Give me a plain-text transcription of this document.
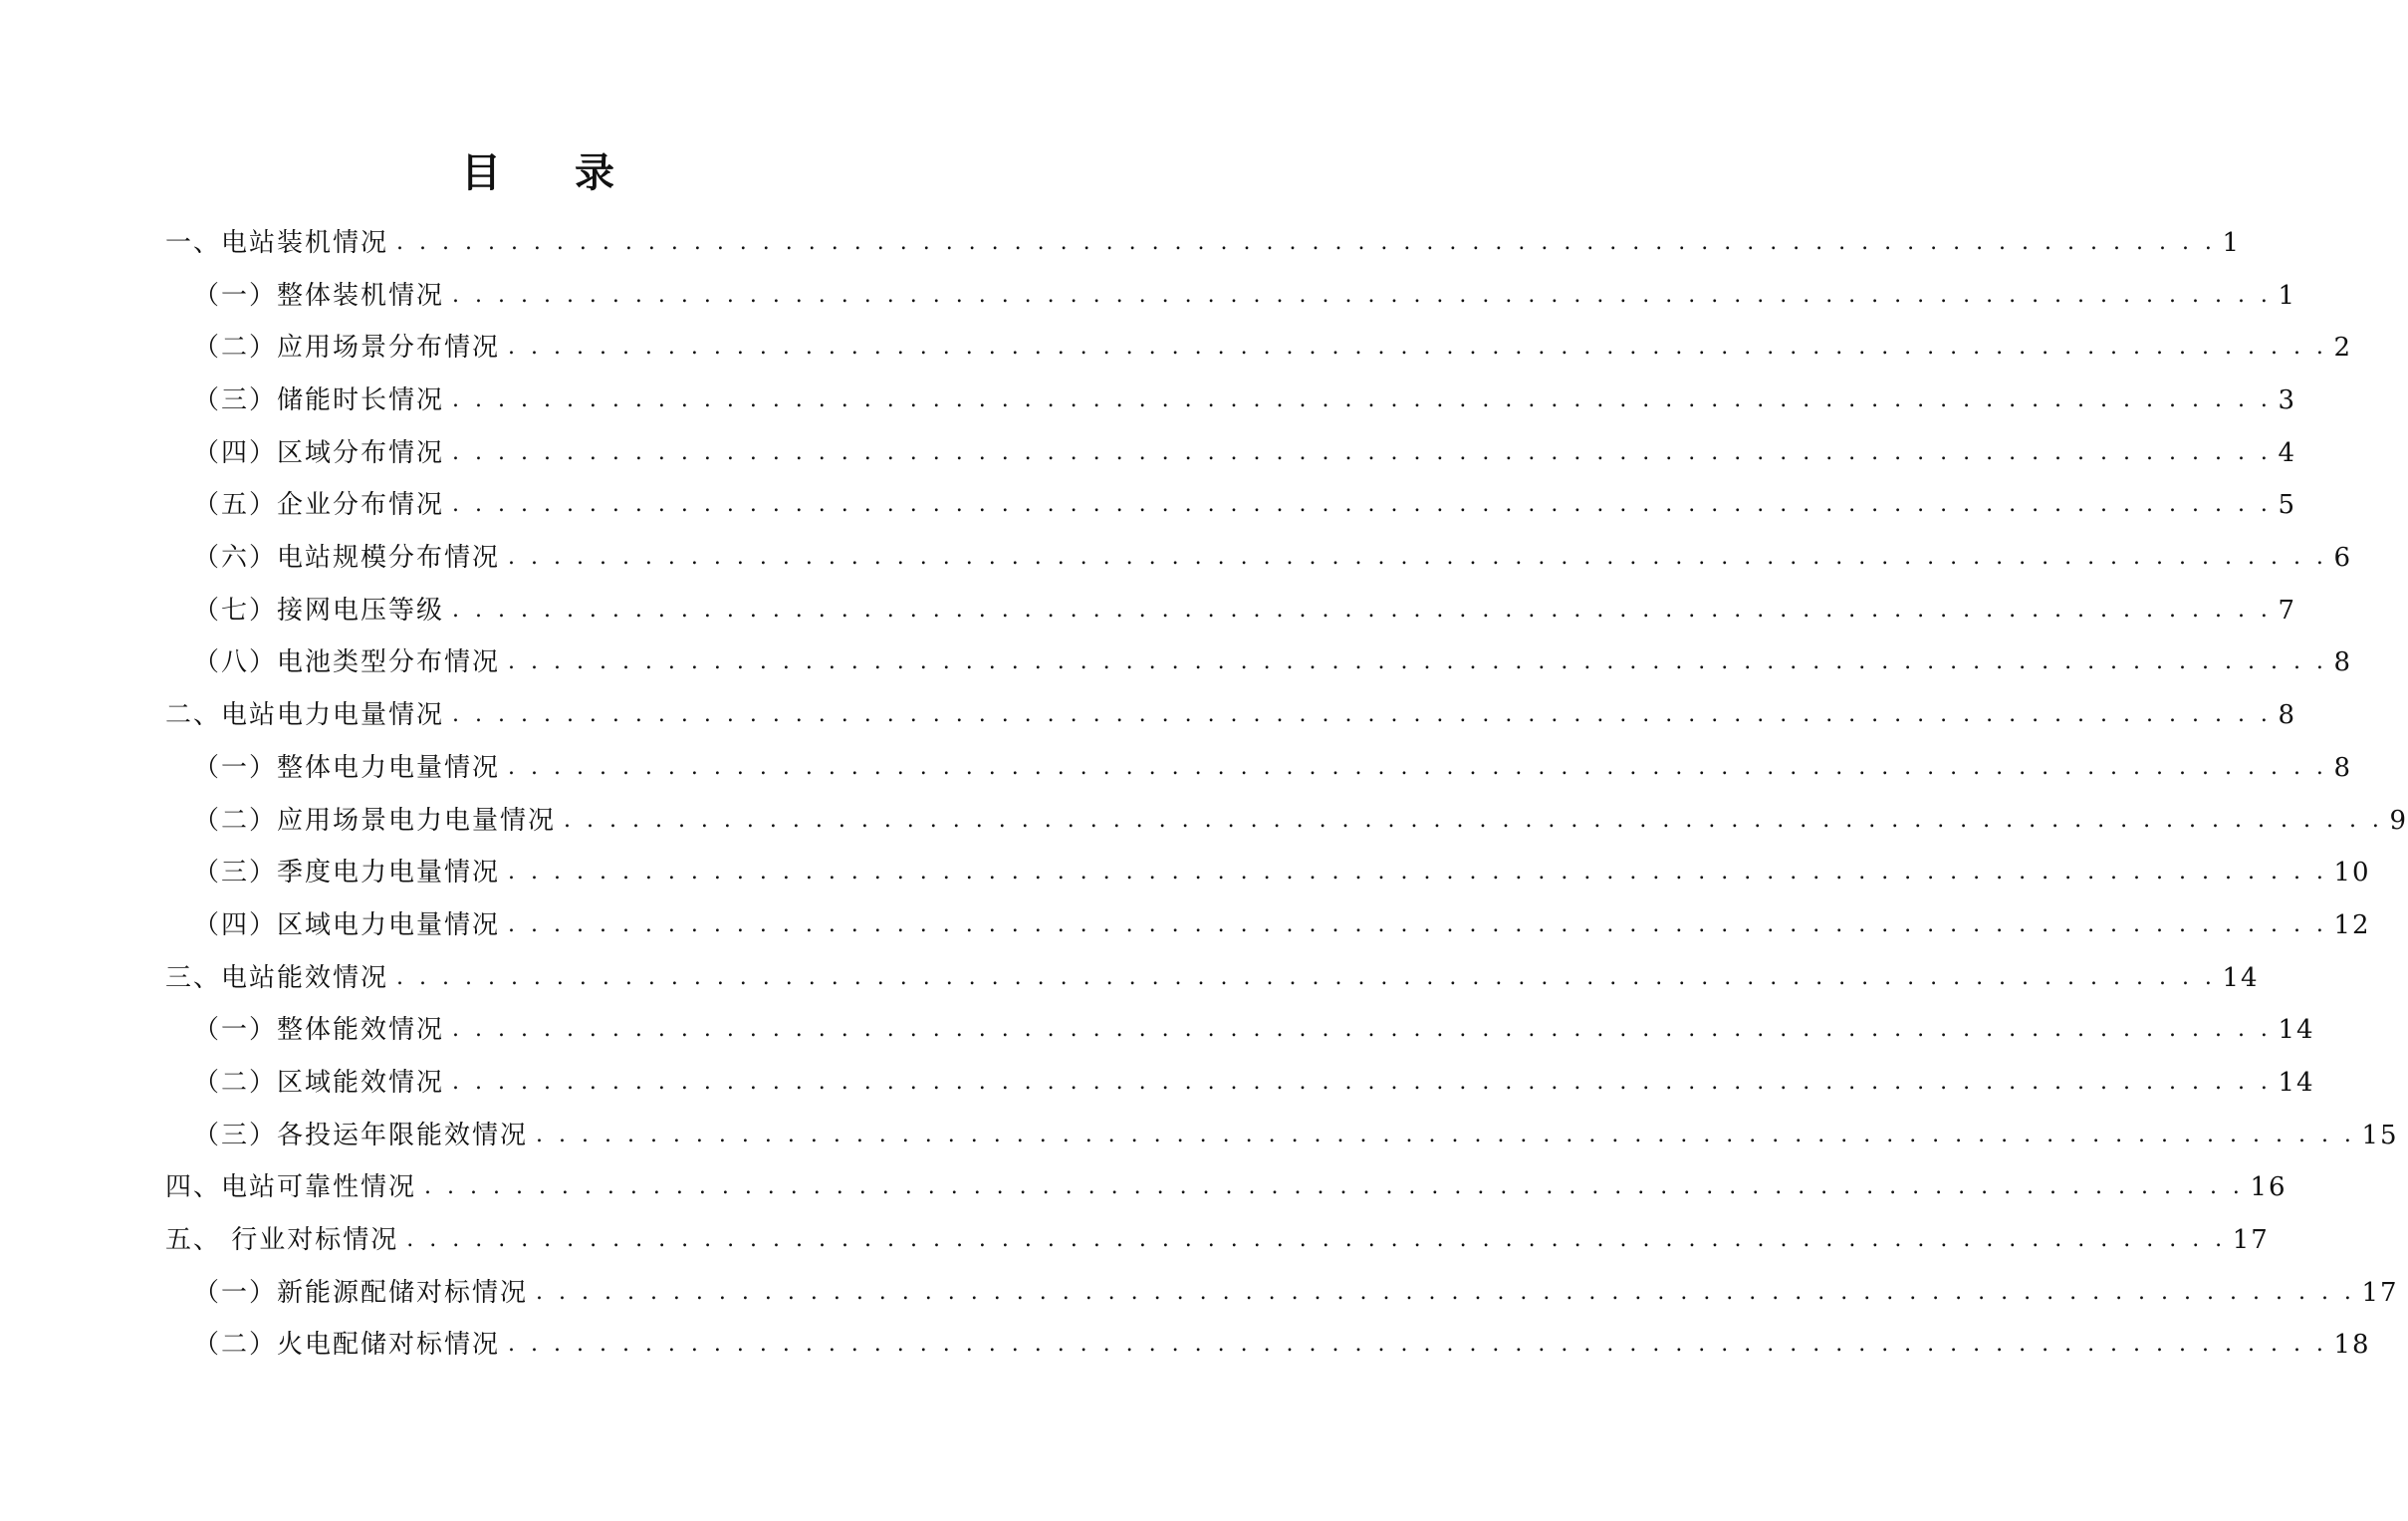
目 录
一、电站装机情况 . . . . . . . . . . . . . . . . . . . . . . . . . . . . . . . . . . . . . . . . . . . . . . . . . . . . . . . . . . . . . . . . . . . . . . . . . . . . . . . . 1
（一）整体装机情况 . . . . . . . . . . . . . . . . . . . . . . . . . . . . . . . . . . . . . . . . . . . . . . . . . . . . . . . . . . . . . . . . . . . . . . . . . . . . . . . . 1
（二）应用场景分布情况 . . . . . . . . . . . . . . . . . . . . . . . . . . . . . . . . . . . . . . . . . . . . . . . . . . . . . . . . . . . . . . . . . . . . . . . . . . . . . . . . 2
（三）储能时长情况 . . . . . . . . . . . . . . . . . . . . . . . . . . . . . . . . . . . . . . . . . . . . . . . . . . . . . . . . . . . . . . . . . . . . . . . . . . . . . . . . 3
（四）区域分布情况 . . . . . . . . . . . . . . . . . . . . . . . . . . . . . . . . . . . . . . . . . . . . . . . . . . . . . . . . . . . . . . . . . . . . . . . . . . . . . . . . 4
（五）企业分布情况 . . . . . . . . . . . . . . . . . . . . . . . . . . . . . . . . . . . . . . . . . . . . . . . . . . . . . . . . . . . . . . . . . . . . . . . . . . . . . . . . 5
（六）电站规模分布情况 . . . . . . . . . . . . . . . . . . . . . . . . . . . . . . . . . . . . . . . . . . . . . . . . . . . . . . . . . . . . . . . . . . . . . . . . . . . . . . . . 6
（七）接网电压等级 . . . . . . . . . . . . . . . . . . . . . . . . . . . . . . . . . . . . . . . . . . . . . . . . . . . . . . . . . . . . . . . . . . . . . . . . . . . . . . . . 7
（八）电池类型分布情况 . . . . . . . . . . . . . . . . . . . . . . . . . . . . . . . . . . . . . . . . . . . . . . . . . . . . . . . . . . . . . . . . . . . . . . . . . . . . . . . . 8
二、电站电力电量情况 . . . . . . . . . . . . . . . . . . . . . . . . . . . . . . . . . . . . . . . . . . . . . . . . . . . . . . . . . . . . . . . . . . . . . . . . . . . . . . . . 8
（一）整体电力电量情况 . . . . . . . . . . . . . . . . . . . . . . . . . . . . . . . . . . . . . . . . . . . . . . . . . . . . . . . . . . . . . . . . . . . . . . . . . . . . . . . . 8
（二）应用场景电力电量情况 . . . . . . . . . . . . . . . . . . . . . . . . . . . . . . . . . . . . . . . . . . . . . . . . . . . . . . . . . . . . . . . . . . . . . . . . . . . . . . . . 9
（三）季度电力电量情况 . . . . . . . . . . . . . . . . . . . . . . . . . . . . . . . . . . . . . . . . . . . . . . . . . . . . . . . . . . . . . . . . . . . . . . . . . . . . . . . . 10
（四）区域电力电量情况 . . . . . . . . . . . . . . . . . . . . . . . . . . . . . . . . . . . . . . . . . . . . . . . . . . . . . . . . . . . . . . . . . . . . . . . . . . . . . . . . 12
三、电站能效情况 . . . . . . . . . . . . . . . . . . . . . . . . . . . . . . . . . . . . . . . . . . . . . . . . . . . . . . . . . . . . . . . . . . . . . . . . . . . . . . . . 14
（一）整体能效情况 . . . . . . . . . . . . . . . . . . . . . . . . . . . . . . . . . . . . . . . . . . . . . . . . . . . . . . . . . . . . . . . . . . . . . . . . . . . . . . . . 14
（二）区域能效情况 . . . . . . . . . . . . . . . . . . . . . . . . . . . . . . . . . . . . . . . . . . . . . . . . . . . . . . . . . . . . . . . . . . . . . . . . . . . . . . . . 14
（三）各投运年限能效情况 . . . . . . . . . . . . . . . . . . . . . . . . . . . . . . . . . . . . . . . . . . . . . . . . . . . . . . . . . . . . . . . . . . . . . . . . . . . . . . . . 15
四、电站可靠性情况 . . . . . . . . . . . . . . . . . . . . . . . . . . . . . . . . . . . . . . . . . . . . . . . . . . . . . . . . . . . . . . . . . . . . . . . . . . . . . . . . 16
五、 行业对标情况 . . . . . . . . . . . . . . . . . . . . . . . . . . . . . . . . . . . . . . . . . . . . . . . . . . . . . . . . . . . . . . . . . . . . . . . . . . . . . . . . 17
（一）新能源配储对标情况 . . . . . . . . . . . . . . . . . . . . . . . . . . . . . . . . . . . . . . . . . . . . . . . . . . . . . . . . . . . . . . . . . . . . . . . . . . . . . . . . 17
（二）火电配储对标情况 . . . . . . . . . . . . . . . . . . . . . . . . . . . . . . . . . . . . . . . . . . . . . . . . . . . . . . . . . . . . . . . . . . . . . . . . . . . . . . . . 18
